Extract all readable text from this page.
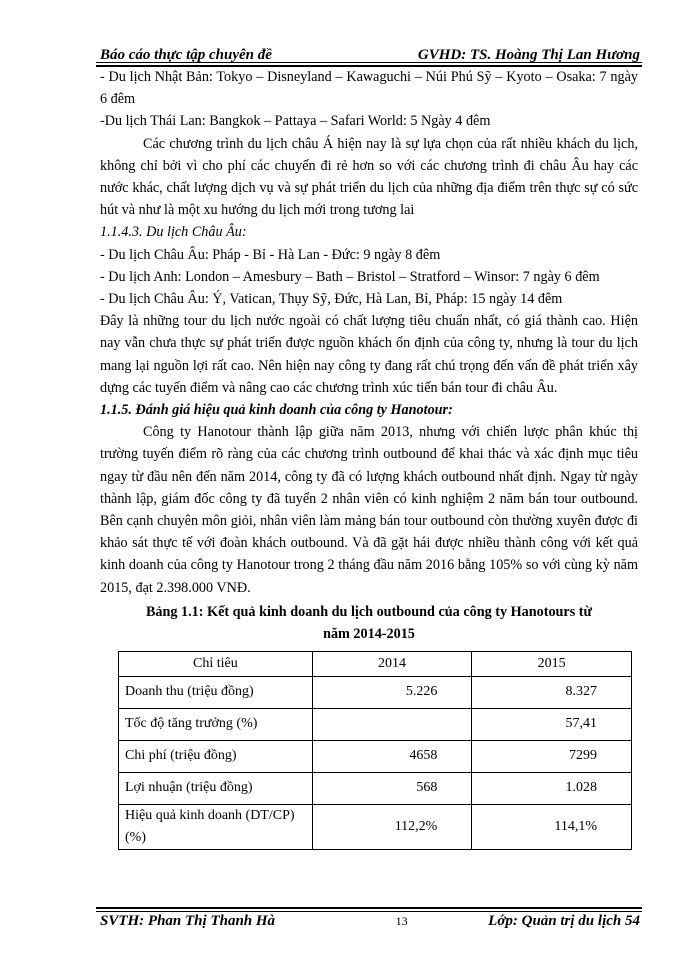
Báo cáo thực tập chuyên đề	GVHD: TS. Hoàng Thị Lan Hương

- Du lịch Nhật Bản: Tokyo – Disneyland – Kawaguchi – Núi Phú Sỹ – Kyoto – Osaka: 7 ngày 6 đêm

-Du lịch Thái Lan: Bangkok – Pattaya – Safari World: 5 Ngày 4 đêm

Các chương trình du lịch châu Á hiện nay là sự lựa chọn của rất nhiều khách du lịch, không chỉ bởi vì cho phí các chuyến đi rẻ hơn so với các chương trình đi châu Âu hay các nước khác, chất lượng dịch vụ và sự phát triển du lịch của những địa điểm trên thực sự có sức hút và như là một xu hướng du lịch mới trong tương lai

1.1.4.3. Du lịch Châu Âu:

- Du lịch Châu Âu: Pháp - Bỉ - Hà Lan - Đức: 9 ngày 8 đêm

- Du lịch Anh: London – Amesbury – Bath – Bristol – Stratford – Winsor: 7 ngày 6 đêm

- Du lịch Châu Âu: Ý, Vatican, Thụy Sỹ, Đức, Hà Lan, Bỉ, Pháp: 15 ngày 14 đêm

Đây là những tour du lịch nước ngoài có chất lượng tiêu chuẩn nhất, có giá thành cao. Hiện nay vẫn chưa thực sự phát triển được nguồn khách ổn định của công ty, nhưng là tour du lịch mang lại nguồn lợi rất cao. Nên hiện nay công ty đang rất chú trọng đến vấn đề phát triển xây dựng các tuyến điểm và nâng cao các chương trình xúc tiến bán tour đi châu Âu.

1.1.5. Đánh giá hiệu quả kinh doanh của công ty Hanotour:

Công ty Hanotour thành lập giữa năm 2013, nhưng với chiến lược phân khúc thị trường tuyến điểm rõ ràng của các chương trình outbound để khai thác và xác định mục tiêu ngay từ đầu nên đến năm 2014, công ty đã có lượng khách outbound nhất định. Ngay từ ngày thành lập, giám đốc công ty đã tuyển 2 nhân viên có kinh nghiệm 2 năm bán tour outbound. Bên cạnh chuyên môn giỏi, nhân viên làm mảng bán tour outbound còn thường xuyên được đi khảo sát thực tế với đoàn khách outbound. Và đã gặt hái được nhiều thành công với kết quả kinh doanh của công ty Hanotour trong 2 tháng đầu năm 2016 bằng 105% so với cùng kỳ năm 2015, đạt 2.398.000 VNĐ.

Bảng 1.1: Kết quả kinh doanh du lịch outbound của công ty Hanotours từ
năm 2014-2015
Chỉ tiêu	2014	2015
Doanh thu (triệu đồng)	5.226	8.327
Tốc độ tăng trưởng (%)		57,41
Chi phí (triệu đồng)	4658	7299
Lợi nhuận (triệu đồng)	568	1.028
Hiệu quả kinh doanh (DT/CP) (%)	112,2%	114,1%
SVTH: Phan Thị Thanh Hà	13	Lớp: Quản trị du lịch 54
